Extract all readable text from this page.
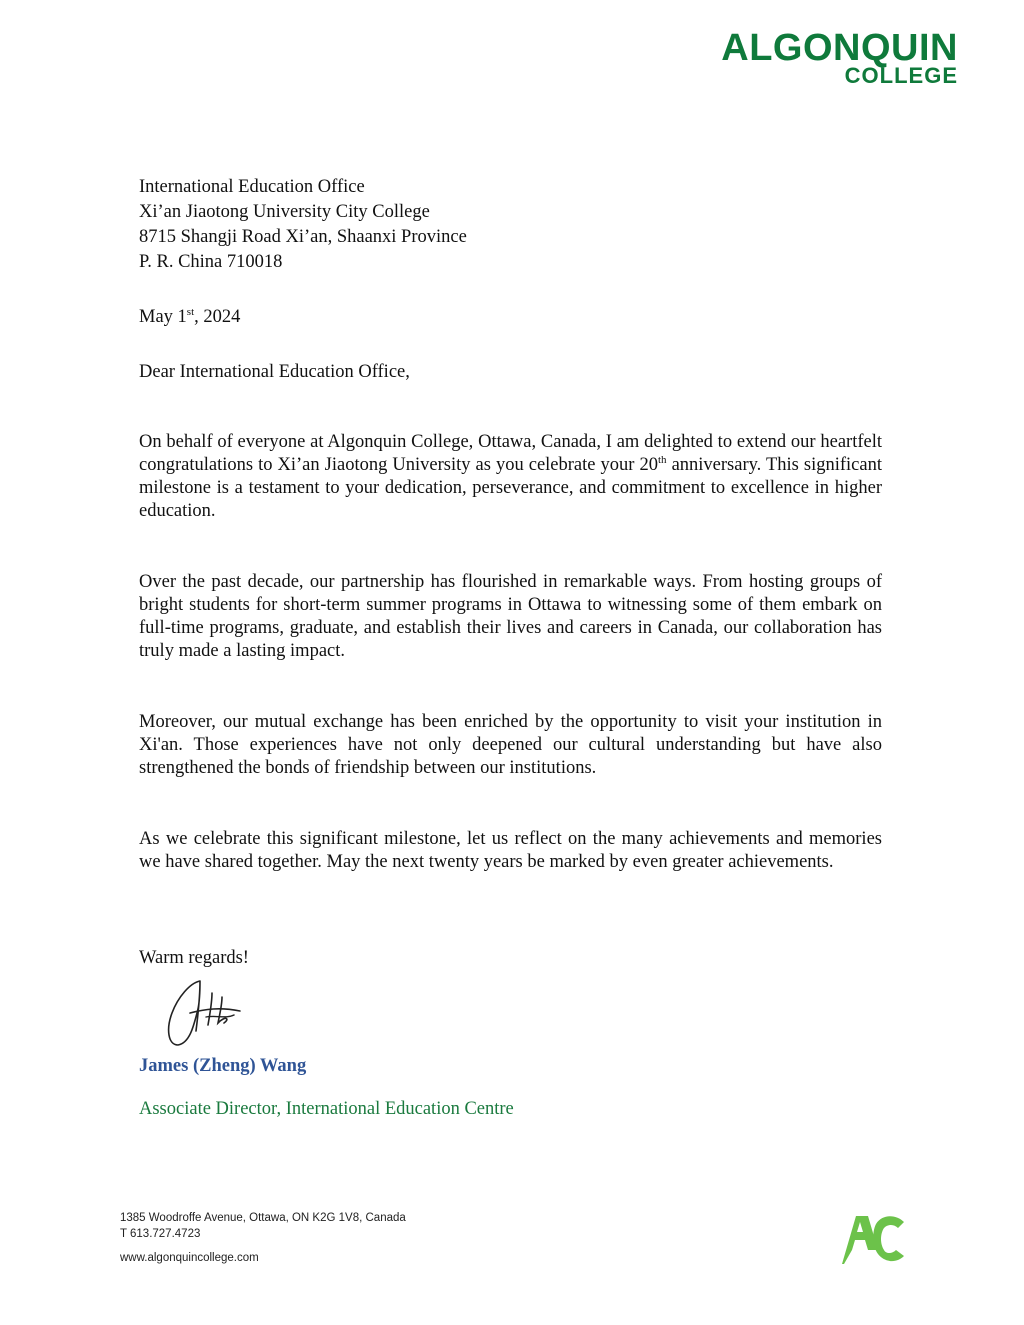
ALGONQUIN
COLLEGE
International Education Office
Xi’an Jiaotong University City College
8715 Shangji Road Xi’an, Shaanxi Province
P. R. China 710018
May 1st, 2024
Dear International Education Office,

On behalf of everyone at Algonquin College, Ottawa, Canada, I am delighted to extend our heartfelt congratulations to Xi’an Jiaotong University as you celebrate your 20th anniversary. This significant milestone is a testament to your dedication, perseverance, and commitment to excellence in higher education.

Over the past decade, our partnership has flourished in remarkable ways. From hosting groups of bright students for short-term summer programs in Ottawa to witnessing some of them embark on full-time programs, graduate, and establish their lives and careers in Canada, our collaboration has truly made a lasting impact.

Moreover, our mutual exchange has been enriched by the opportunity to visit your institution in Xi'an. Those experiences have not only deepened our cultural understanding but have also strengthened the bonds of friendship between our institutions.

As we celebrate this significant milestone, let us reflect on the many achievements and memories we have shared together. May the next twenty years be marked by even greater achievements.

Warm regards!
James (Zheng) Wang
Associate Director, International Education Centre
1385 Woodroffe Avenue, Ottawa, ON K2G 1V8, Canada
T 613.727.4723
www.algonquincollege.com
